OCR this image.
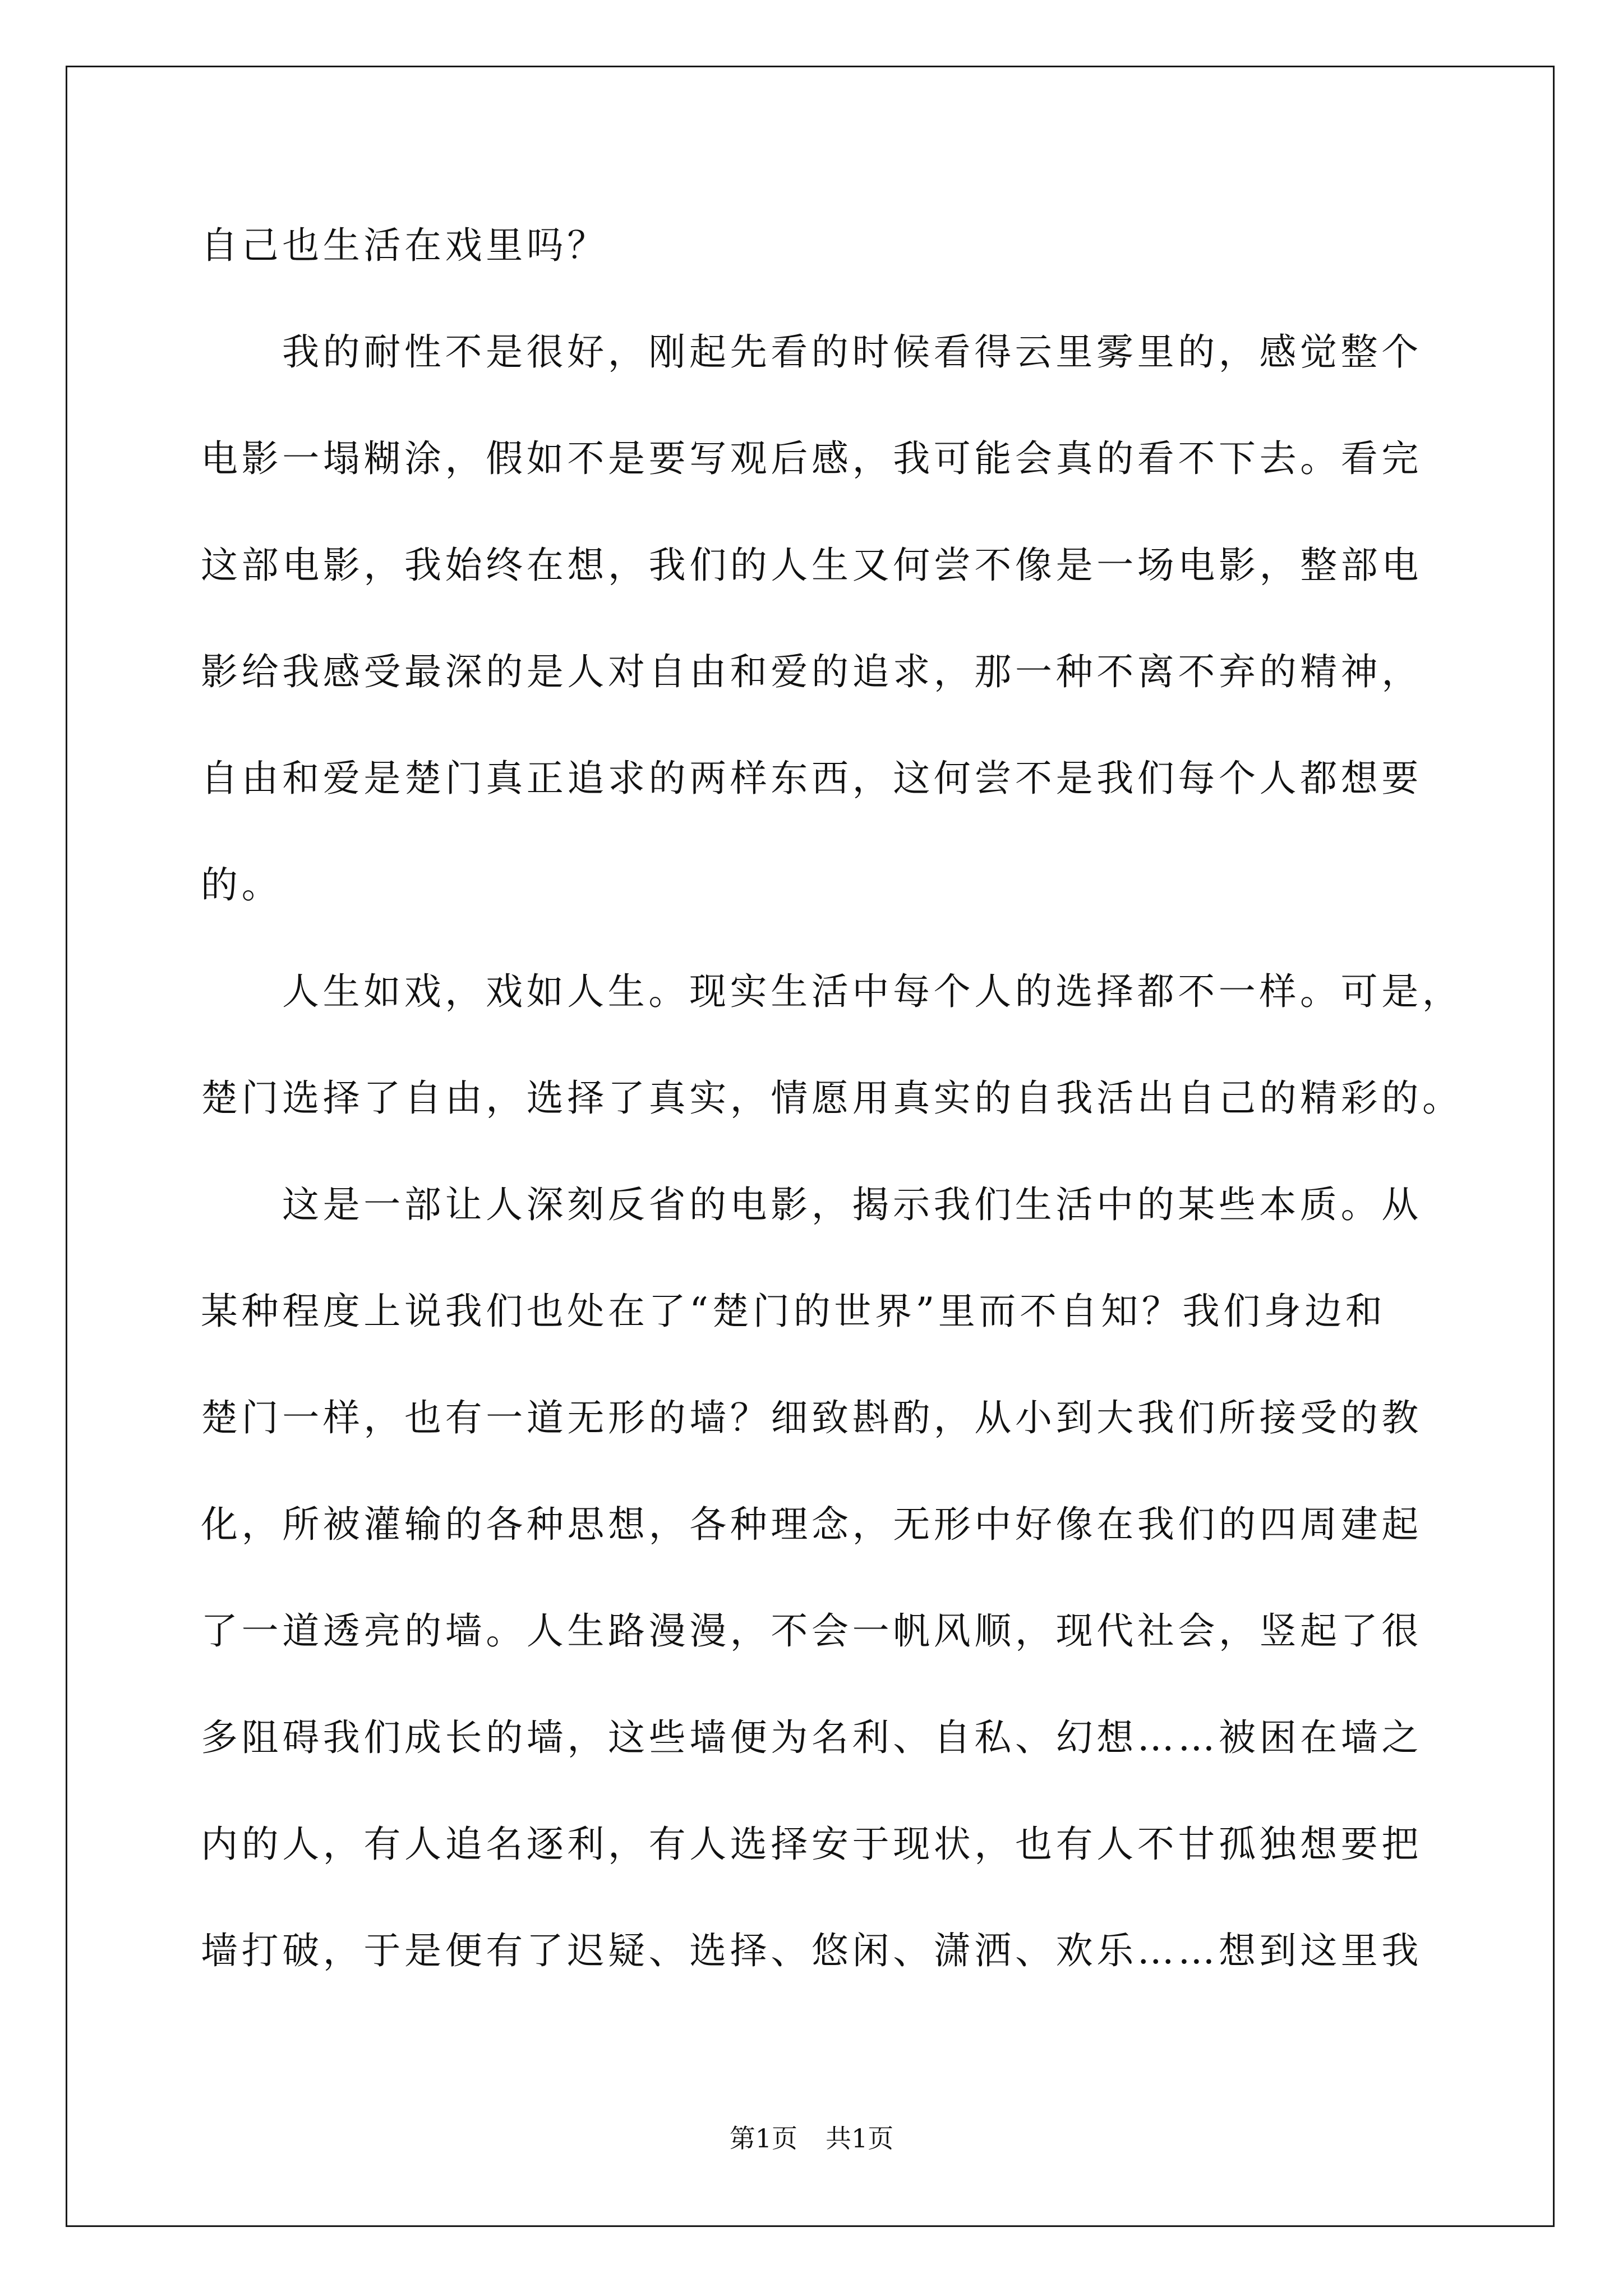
自己也生活在戏里吗？
我的耐性不是很好，刚起先看的时候看得云里雾里的，感觉整个
电影一塌糊涂，假如不是要写观后感，我可能会真的看不下去。看完
这部电影，我始终在想，我们的人生又何尝不像是一场电影，整部电
影给我感受最深的是人对自由和爱的追求，那一种不离不弃的精神，
自由和爱是楚门真正追求的两样东西，这何尝不是我们每个人都想要
的。
人生如戏，戏如人生。现实生活中每个人的选择都不一样。可是，
楚门选择了自由，选择了真实，情愿用真实的自我活出自己的精彩的。
这是一部让人深刻反省的电影，揭示我们生活中的某些本质。从
某种程度上说我们也处在了“楚门的世界”里而不自知？我们身边和
楚门一样，也有一道无形的墙？细致斟酌，从小到大我们所接受的教
化，所被灌输的各种思想，各种理念，无形中好像在我们的四周建起
了一道透亮的墙。人生路漫漫，不会一帆风顺，现代社会，竖起了很
多阻碍我们成长的墙，这些墙便为名利、自私、幻想……被困在墙之
内的人，有人追名逐利，有人选择安于现状，也有人不甘孤独想要把
墙打破，于是便有了迟疑、选择、悠闲、潇洒、欢乐……想到这里我
第1页 共1页
